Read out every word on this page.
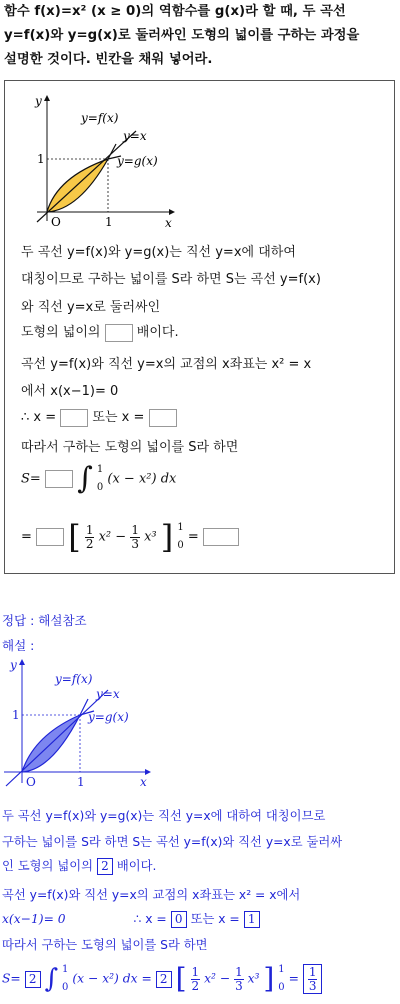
함수 f(x)=x² (x ≥ 0)의 역함수를 g(x)라 할 때, 두 곡선
y=f(x)와 y=g(x)로 둘러싸인 도형의 넓이를 구하는 과정을
설명한 것이다. 빈칸을 채워 넣어라.
y
x
O	1
1
y=f(x)
y=x
y=g(x)
두 곡선 y=f(x)와 y=g(x)는 직선 y=x에 대하여
대칭이므로 구하는 넓이를 S라 하면 S는 곡선 y=f(x)
와 직선 y=x로 둘러싸인
도형의 넓이의	배이다.
곡선 y=f(x)와 직선 y=x의 교점의 x좌표는 x² = x
에서 x(x−1)= 0
∴ x =	또는 x =
따라서 구하는 도형의 넓이를 S라 하면
S= ∫ 1
0
(x − x²) dx
= [ $\frac{1}{2} x^2 - \frac{1}{3} x^3$ ] 1
0
=
정답 : 해설참조
해설 :
y
x
O	1
1
y=f(x)
y=x
y=g(x)
두 곡선 y=f(x)와 y=g(x)는 직선 y=x에 대하여 대칭이므로
구하는 넓이를 S라 하면 S는 곡선 y=f(x)와 직선 y=x로 둘러싸
인 도형의 넓이의 2 배이다.
곡선 y=f(x)와 직선 y=x의 교점의 x좌표는 x² = x에서
x(x−1)= 0	∴ x = 0 또는 x = 1
따라서 구하는 도형의 넓이를 S라 하면
S= 2 ∫ 1
0
(x − x²) dx = 2 [ $\frac{1}{2} x^2 - \frac{1}{3} x^3$ ] 1
0
= $\frac{1}{3}$
